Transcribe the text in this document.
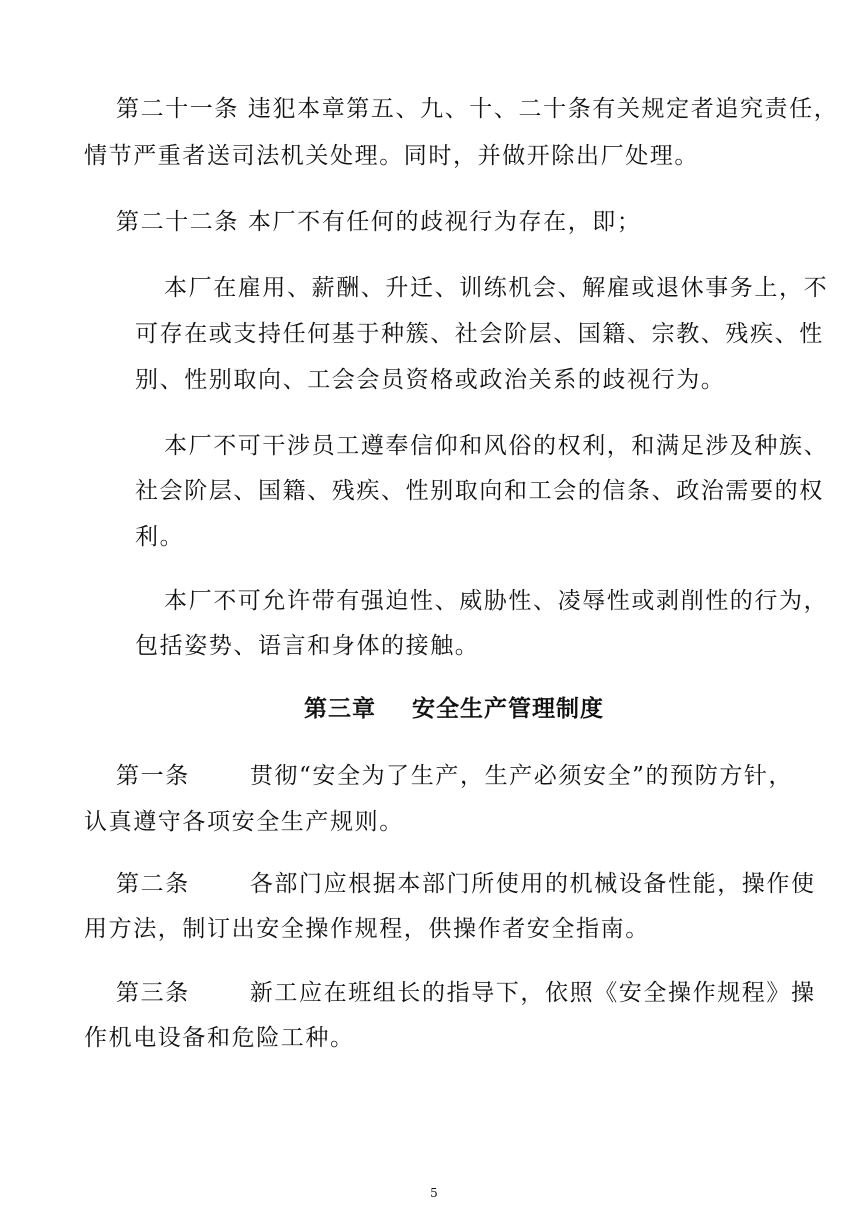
第二十一条 违犯本章第五、九、十、二十条有关规定者追究责任，

情节严重者送司法机关处理。同时，并做开除出厂处理。

第二十二条 本厂不有任何的歧视行为存在，即；

本厂在雇用、薪酬、升迁、训练机会、解雇或退休事务上，不

可存在或支持任何基于种簇、社会阶层、国籍、宗教、残疾、性

别、性别取向、工会会员资格或政治关系的歧视行为。

本厂不可干涉员工遵奉信仰和风俗的权利，和满足涉及种族、

社会阶层、国籍、残疾、性别取向和工会的信条、政治需要的权

利。

本厂不可允许带有强迫性、威胁性、凌辱性或剥削性的行为，

包括姿势、语言和身体的接触。

第三章 安全生产管理制度

第一条	贯彻“安全为了生产，生产必须安全”的预防方针，

认真遵守各项安全生产规则。

第二条	各部门应根据本部门所使用的机械设备性能，操作使

用方法，制订出安全操作规程，供操作者安全指南。

第三条	新工应在班组长的指导下，依照《安全操作规程》操

作机电设备和危险工种。

5
